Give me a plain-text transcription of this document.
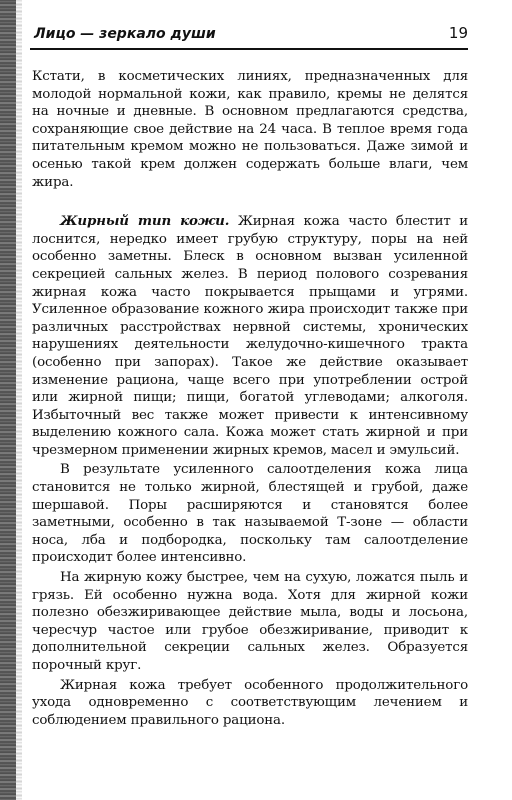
Лицо — зеркало души	19

Кстати, в косметических линиях, предназначенных для молодой нормальной кожи, как правило, кремы не делятся на ночные и дневные. В основном предлагаются средства, сохраняющие свое действие на 24 часа. В теплое время года питательным кремом можно не пользоваться. Даже зимой и осенью такой крем должен содержать больше влаги, чем жира.

Жирный тип кожи. Жирная кожа часто блестит и лоснится, нередко имеет грубую структуру, поры на ней особенно заметны. Блеск в основном вызван усиленной секрецией сальных желез. В период полового созревания жирная кожа часто покрывается прыщами и угрями. Усиленное образование кожного жира происходит также при различных расстройствах нервной системы, хронических нарушениях деятельности желудочно-кишечного тракта (особенно при запорах). Такое же действие оказывает изменение рациона, чаще всего при употреблении острой или жирной пищи; пищи, богатой углеводами; алкоголя. Избыточный вес также может привести к интенсивному выделению кожного сала. Кожа может стать жирной и при чрезмерном применении жирных кремов, масел и эмульсий.

В результате усиленного салоотделения кожа лица становится не только жирной, блестящей и грубой, даже шершавой. Поры расширяются и становятся более заметными, особенно в так называемой Т-зоне — области носа, лба и подбородка, поскольку там салоотделение происходит более интенсивно.

На жирную кожу быстрее, чем на сухую, ложатся пыль и грязь. Ей особенно нужна вода. Хотя для жирной кожи полезно обезжиривающее действие мыла, воды и лосьона, чересчур частое или грубое обезжиривание, приводит к дополнительной секреции сальных желез. Образуется порочный круг.

Жирная кожа требует особенного продолжительного ухода одновременно с соответствующим лечением и соблюдением правильного рациона.
